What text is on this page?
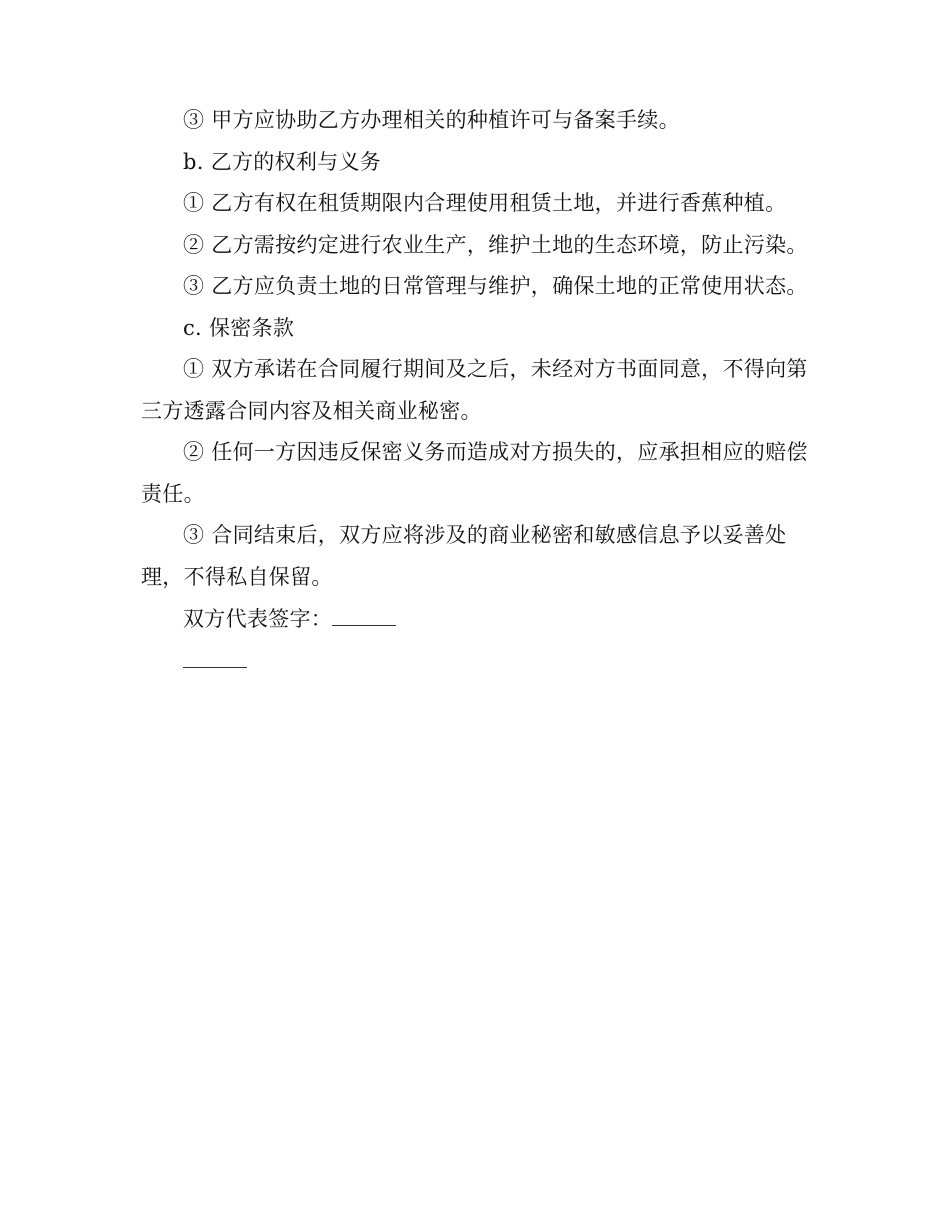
③ 甲方应协助乙方办理相关的种植许可与备案手续。

b. 乙方的权利与义务

① 乙方有权在租赁期限内合理使用租赁土地，并进行香蕉种植。

② 乙方需按约定进行农业生产，维护土地的生态环境，防止污染。

③ 乙方应负责土地的日常管理与维护，确保土地的正常使用状态。

c. 保密条款

① 双方承诺在合同履行期间及之后，未经对方书面同意，不得向第三方透露合同内容及相关商业秘密。

② 任何一方因违反保密义务而造成对方损失的，应承担相应的赔偿责任。

③ 合同结束后，双方应将涉及的商业秘密和敏感信息予以妥善处理，不得私自保留。

双方代表签字：
